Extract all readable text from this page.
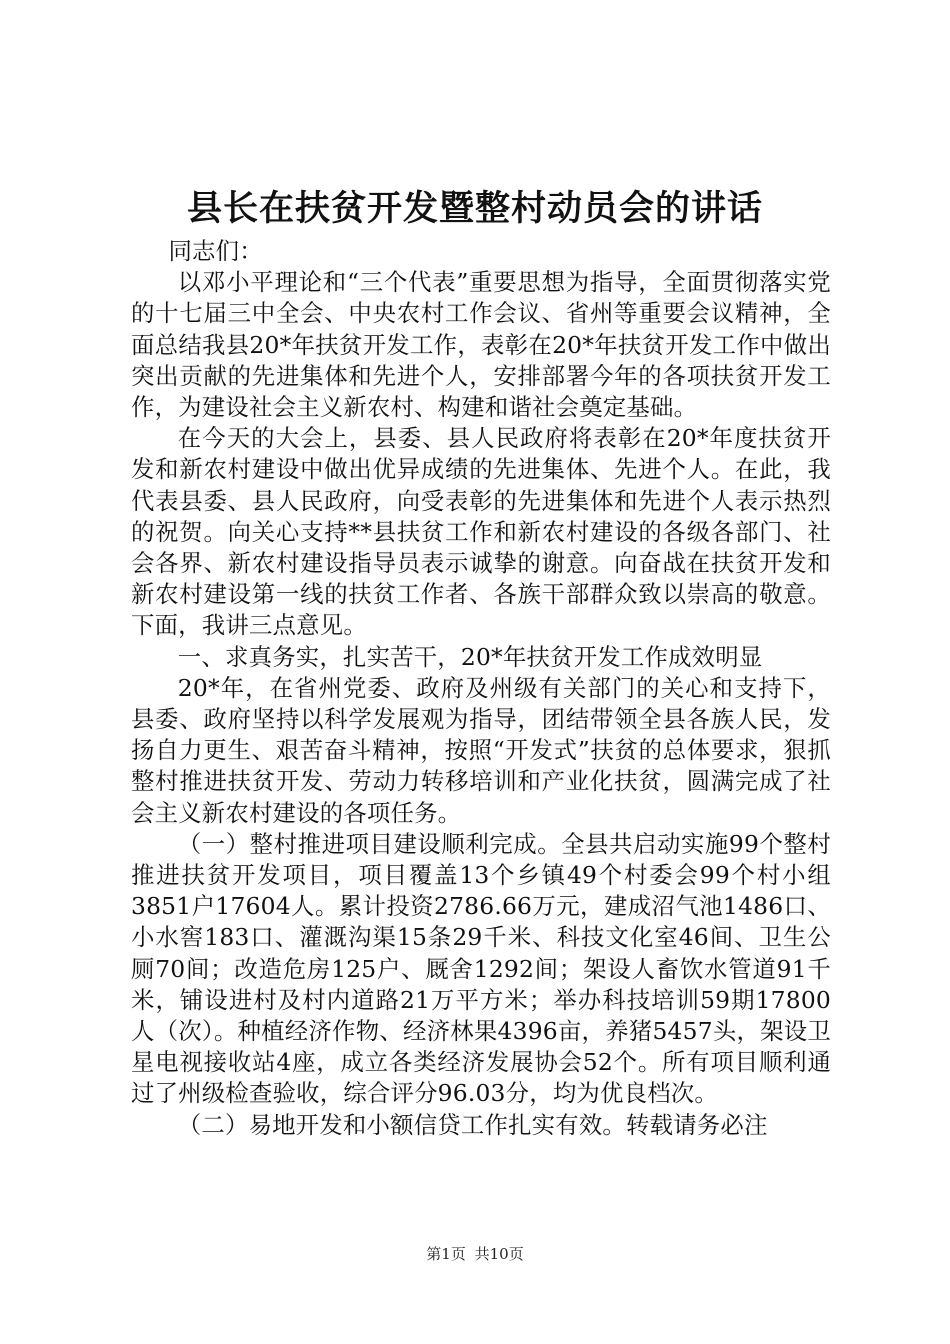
县长在扶贫开发暨整村动员会的讲话

同志们：

以邓小平理论和“三个代表”重要思想为指导，全面贯彻落实党的十七届三中全会、中央农村工作会议、省州等重要会议精神，全面总结我县20*年扶贫开发工作，表彰在20*年扶贫开发工作中做出突出贡献的先进集体和先进个人，安排部署今年的各项扶贫开发工作，为建设社会主义新农村、构建和谐社会奠定基础。

在今天的大会上，县委、县人民政府将表彰在20*年度扶贫开发和新农村建设中做出优异成绩的先进集体、先进个人。在此，我代表县委、县人民政府，向受表彰的先进集体和先进个人表示热烈的祝贺。向关心支持**县扶贫工作和新农村建设的各级各部门、社会各界、新农村建设指导员表示诚挚的谢意。向奋战在扶贫开发和新农村建设第一线的扶贫工作者、各族干部群众致以崇高的敬意。下面，我讲三点意见。

一、求真务实，扎实苦干，20*年扶贫开发工作成效明显

20*年，在省州党委、政府及州级有关部门的关心和支持下，县委、政府坚持以科学发展观为指导，团结带领全县各族人民，发扬自力更生、艰苦奋斗精神，按照“开发式”扶贫的总体要求，狠抓整村推进扶贫开发、劳动力转移培训和产业化扶贫，圆满完成了社会主义新农村建设的各项任务。

（一）整村推进项目建设顺利完成。全县共启动实施99个整村推进扶贫开发项目，项目覆盖13个乡镇49个村委会99个村小组3851户17604人。累计投资2786.66万元，建成沼气池1486口、小水窖183口、灌溉沟渠15条29千米、科技文化室46间、卫生公厕70间；改造危房125户、厩舍1292间；架设人畜饮水管道91千米，铺设进村及村内道路21万平方米；举办科技培训59期17800人（次）。种植经济作物、经济林果4396亩，养猪5457头，架设卫星电视接收站4座，成立各类经济发展协会52个。所有项目顺利通过了州级检查验收，综合评分96.03分，均为优良档次。

（二）易地开发和小额信贷工作扎实有效。转载请务必注

第1页 共10页
